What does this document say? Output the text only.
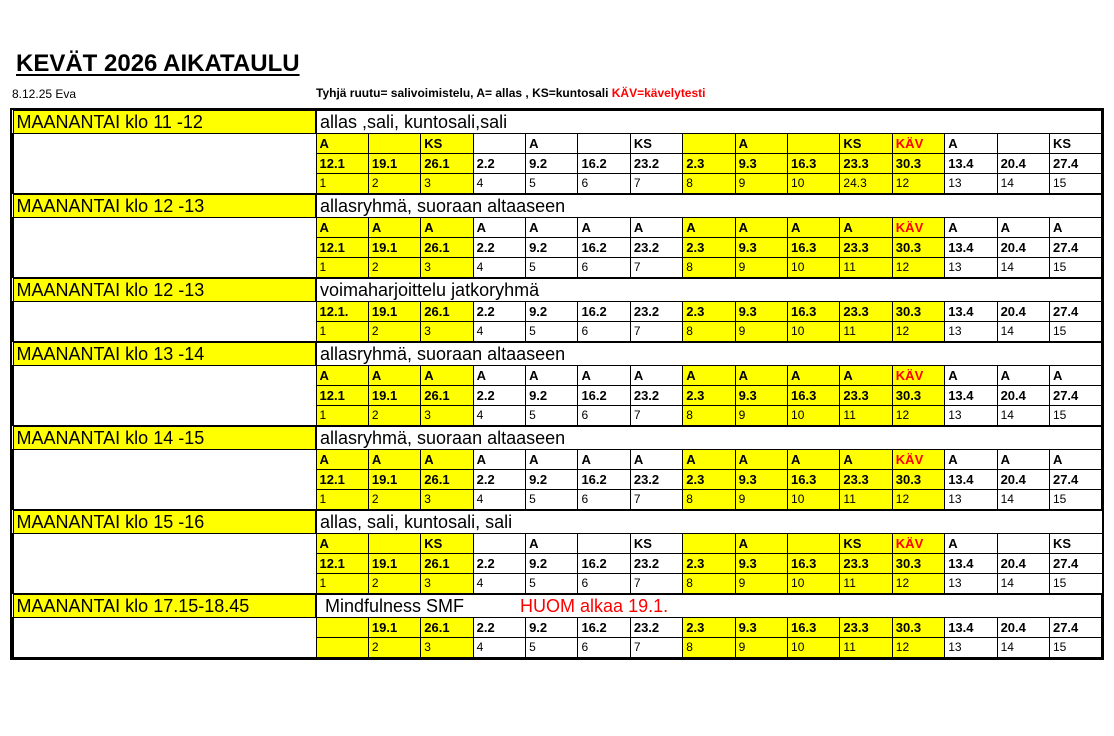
KEVÄT 2026 AIKATAULU
8.12.25 Eva	Tyhjä ruutu= salivoimistelu, A= allas , KS=kuntosali KÄV=kävelytesti
MAANANTAI klo 11 -12	allas ,sali, kuntosali,sali														
	A		KS		A		KS		A		KS	KÄV	A		KS
	12.1	19.1	26.1	2.2	9.2	16.2	23.2	2.3	9.3	16.3	23.3	30.3	13.4	20.4	27.4
	1	2	3	4	5	6	7	8	9	10	24.3	12	13	14	15
MAANANTAI klo 12 -13	allasryhmä, suoraan altaaseen														
	A	A	A	A	A	A	A	A	A	A	A	KÄV	A	A	A
	12.1	19.1	26.1	2.2	9.2	16.2	23.2	2.3	9.3	16.3	23.3	30.3	13.4	20.4	27.4
	1	2	3	4	5	6	7	8	9	10	11	12	13	14	15
MAANANTAI klo 12 -13	voimaharjoittelu jatkoryhmä														
	12.1.	19.1	26.1	2.2	9.2	16.2	23.2	2.3	9.3	16.3	23.3	30.3	13.4	20.4	27.4
	1	2	3	4	5	6	7	8	9	10	11	12	13	14	15
MAANANTAI klo 13 -14	allasryhmä, suoraan altaaseen														
	A	A	A	A	A	A	A	A	A	A	A	KÄV	A	A	A
	12.1	19.1	26.1	2.2	9.2	16.2	23.2	2.3	9.3	16.3	23.3	30.3	13.4	20.4	27.4
	1	2	3	4	5	6	7	8	9	10	11	12	13	14	15
MAANANTAI klo 14 -15	allasryhmä, suoraan altaaseen														
	A	A	A	A	A	A	A	A	A	A	A	KÄV	A	A	A
	12.1	19.1	26.1	2.2	9.2	16.2	23.2	2.3	9.3	16.3	23.3	30.3	13.4	20.4	27.4
	1	2	3	4	5	6	7	8	9	10	11	12	13	14	15
MAANANTAI klo 15 -16	allas, sali, kuntosali, sali														
	A		KS		A		KS		A		KS	KÄV	A		KS
	12.1	19.1	26.1	2.2	9.2	16.2	23.2	2.3	9.3	16.3	23.3	30.3	13.4	20.4	27.4
	1	2	3	4	5	6	7	8	9	10	11	12	13	14	15
MAANANTAI klo 17.15-18.45	Mindfulness SMF HUOM alkaa 19.1.														
		19.1	26.1	2.2	9.2	16.2	23.2	2.3	9.3	16.3	23.3	30.3	13.4	20.4	27.4
		2	3	4	5	6	7	8	9	10	11	12	13	14	15
